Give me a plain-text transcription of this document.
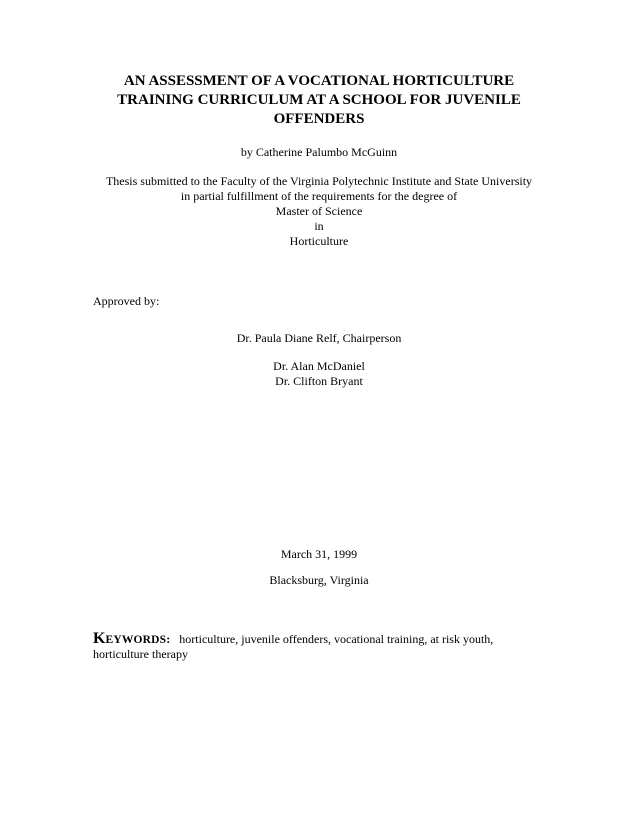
AN ASSESSMENT OF A VOCATIONAL HORTICULTURE
TRAINING CURRICULUM AT A SCHOOL FOR JUVENILE
OFFENDERS
by Catherine Palumbo McGuinn
Thesis submitted to the Faculty of the Virginia Polytechnic Institute and State University
in partial fulfillment of the requirements for the degree of
Master of Science
in
Horticulture
Approved by:
Dr. Paula Diane Relf, Chairperson
Dr. Alan McDaniel
Dr. Clifton Bryant
March 31, 1999
Blacksburg, Virginia
KEYWORDS: horticulture, juvenile offenders, vocational training, at risk youth,
horticulture therapy
